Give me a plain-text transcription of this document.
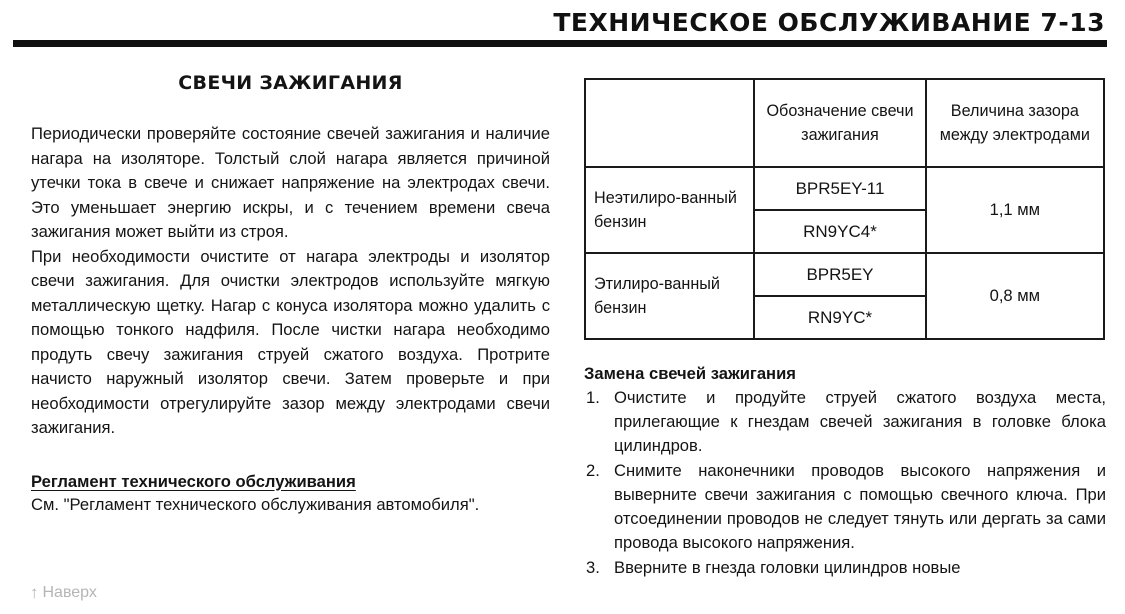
ТЕХНИЧЕСКОЕ ОБСЛУЖИВАНИЕ 7-13
СВЕЧИ ЗАЖИГАНИЯ

Периодически проверяйте состояние свечей зажигания и наличие нагара на изоляторе. Толстый слой нагара является причиной утечки тока в свече и снижает напряжение на электродах свечи. Это уменьшает энергию искры, и с течением времени свеча зажигания может выйти из строя.

При необходимости очистите от нагара электроды и изолятор свечи зажигания. Для очистки электродов используйте мягкую металлическую щетку. Нагар с конуса изолятора можно удалить с помощью тонкого надфиля. После чистки нагара необходимо продуть свечу зажигания струей сжатого воздуха. Протрите начисто наружный изолятор свечи. Затем проверьте и при необходимости отрегулируйте зазор между электродами свечи зажигания.

Регламент технического обслуживания

См. "Регламент технического обслуживания автомобиля".

	Обозначение свечи зажигания	Величина зазора между электродами
Неэтилиро-ванный бензин	BPR5EY-11	1,1 мм
	RN9YC4*	
Этилиро-ванный бензин	BPR5EY	0,8 мм
	RN9YC*	
Замена свечей зажигания
1. Очистите и продуйте струей сжатого воздуха места, прилегающие к гнездам свечей зажигания в головке блока цилиндров.
2. Снимите наконечники проводов высокого напряжения и выверните свечи зажигания с помощью свечного ключа. При отсоединении проводов не следует тянуть или дергать за сами провода высокого напряжения.
3. Вверните в гнезда головки цилиндров новые
↑ Наверх
